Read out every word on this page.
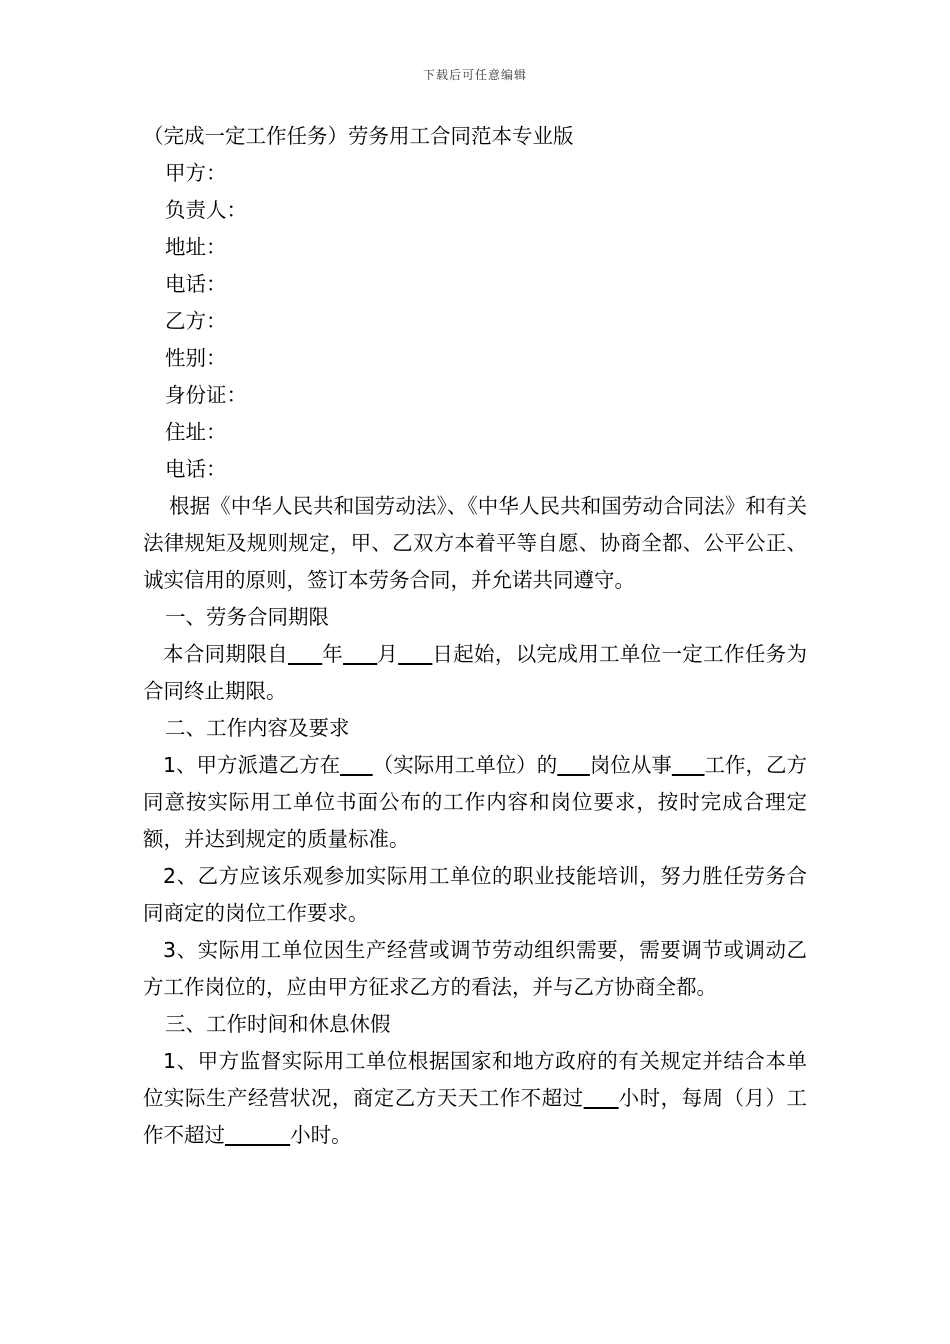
下载后可任意编辑
（完成一定工作任务）劳务用工合同范本专业版
甲方：
负责人：
地址：
电话：
乙方：
性别：
身份证：
住址：
电话：
根据《中华人民共和国劳动法》、《中华人民共和国劳动合同法》和有关法律规矩及规则规定，甲、乙双方本着平等自愿、协商全都、公平公正、诚实信用的原则，签订本劳务合同，并允诺共同遵守。
一、劳务合同期限
本合同期限自 年 月 日起始，以完成用工单位一定工作任务为合同终止期限。
二、工作内容及要求
1、甲方派遣乙方在 （实际用工单位）的 岗位从事 工作，乙方同意按实际用工单位书面公布的工作内容和岗位要求，按时完成合理定额，并达到规定的质量标准。
2、乙方应该乐观参加实际用工单位的职业技能培训，努力胜任劳务合同商定的岗位工作要求。
3、实际用工单位因生产经营或调节劳动组织需要，需要调节或调动乙方工作岗位的，应由甲方征求乙方的看法，并与乙方协商全都。
三、工作时间和休息休假
1、甲方监督实际用工单位根据国家和地方政府的有关规定并结合本单位实际生产经营状况，商定乙方天天工作不超过 小时，每周（月）工作不超过	小时。
